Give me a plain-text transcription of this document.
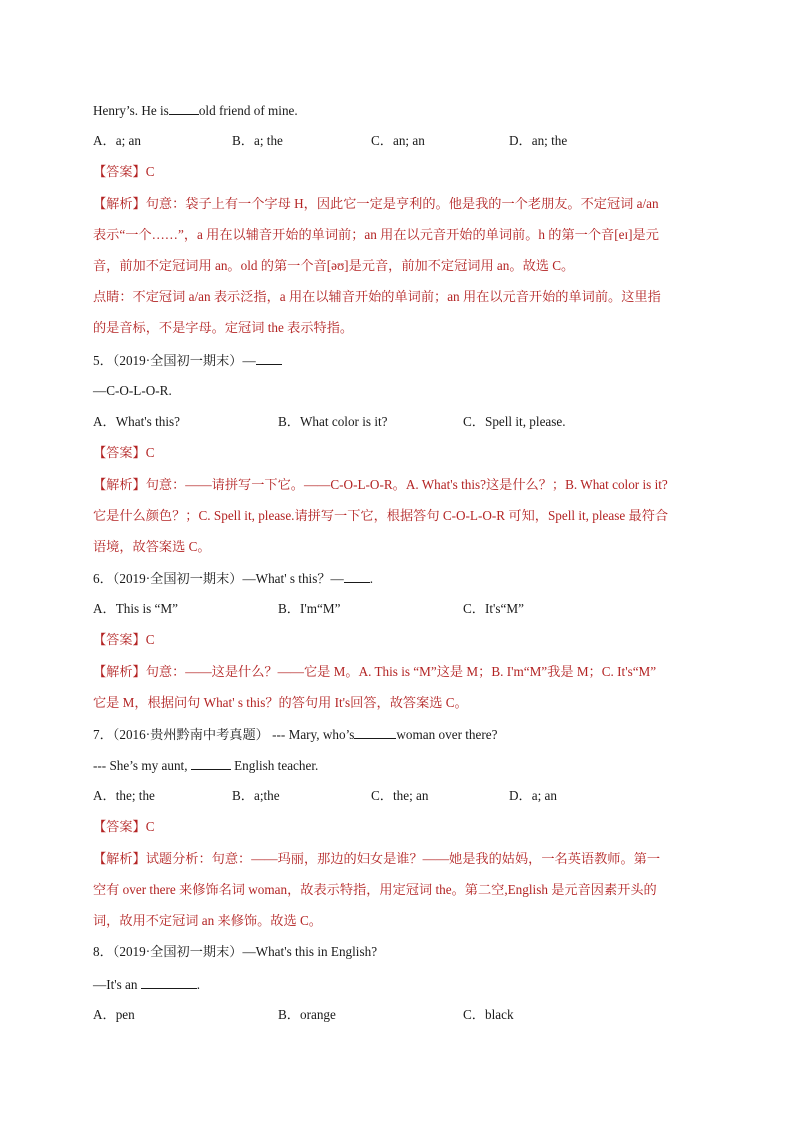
Henry’s. He is old friend of mine.
A．a; an	B．a; the	C．an; an	D．an; the
【答案】C
【解析】句意：袋子上有一个字母 H，因此它一定是亨利的。他是我的一个老朋友。不定冠词 a/an
表示“一个……”，a 用在以辅音开始的单词前；an 用在以元音开始的单词前。h 的第一个音[eɪ]是元
音，前加不定冠词用 an。old 的第一个音[əʊ]是元音，前加不定冠词用 an。故选 C。
点睛：不定冠词 a/an 表示泛指，a 用在以辅音开始的单词前；an 用在以元音开始的单词前。这里指
的是音标，不是字母。定冠词 the 表示特指。
5．（2019·全国初一期末）—
—C-O-L-O-R.
A．What's this?	B．What color is it?	C．Spell it, please.
【答案】C
【解析】句意：——请拼写一下它。——C-O-L-O-R。A. What's this?这是什么？；B. What color is it?
它是什么颜色？；C. Spell it, please.请拼写一下它，根据答句 C-O-L-O-R 可知，Spell it, please 最符合
语境，故答案选 C。
6．（2019·全国初一期末）—What' s this？— .
A．This is “M”	B．I'm“M”	C．It's“M”
【答案】C
【解析】句意：——这是什么？——它是 M。A. This is “M”这是 M；B. I'm“M”我是 M；C. It's“M”
它是 M，根据问句 What' s this？的答句用 It's回答，故答案选 C。
7．（2016·贵州黔南中考真题） --- Mary, who’s	woman over there?
--- She’s my aunt,	English teacher.
A．the; the	B．a;the	C．the; an	D．a; an
【答案】C
【解析】试题分析：句意：——玛丽，那边的妇女是谁？——她是我的姑妈，一名英语教师。第一
空有 over there 来修饰名词 woman，故表示特指，用定冠词 the。第二空,English 是元音因素开头的
词，故用不定冠词 an 来修饰。故选 C。
8．（2019·全国初一期末）—What's this in English?
—It's an	.
A．pen	B．orange	C．black
